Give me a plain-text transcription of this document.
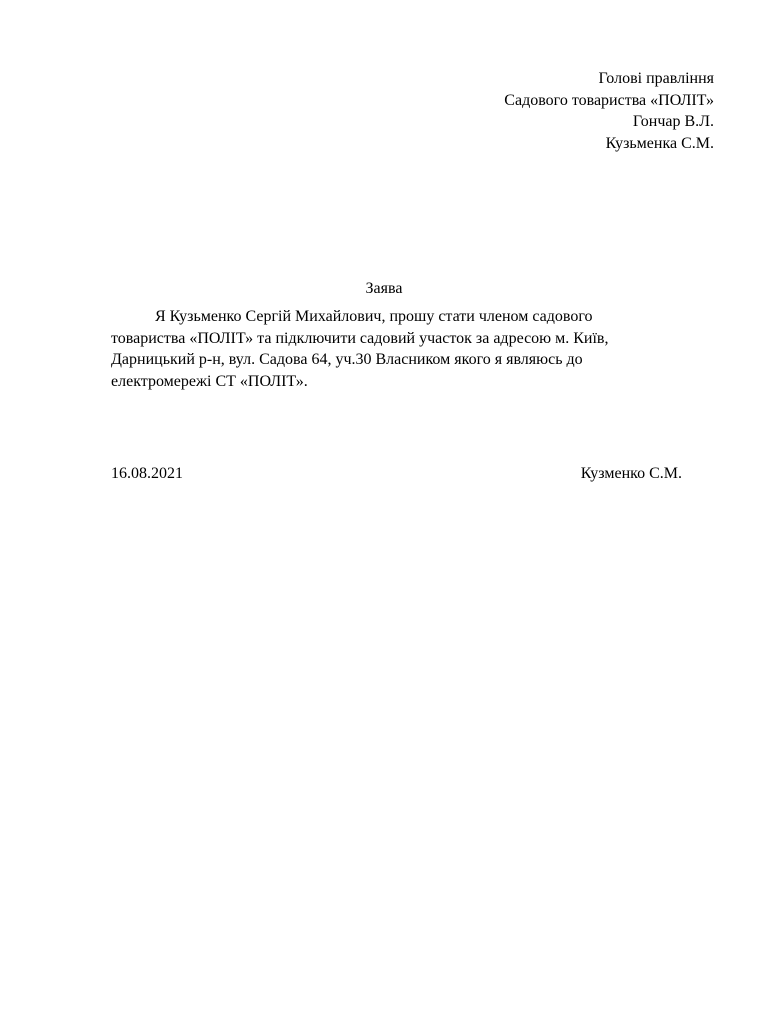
Голові правління
Садового товариства «ПОЛІТ»
Гончар В.Л.
Кузьменка С.М.
Заява
Я Кузьменко Сергій Михайлович, прошу стати членом садового
товариства «ПОЛІТ» та підключити садовий участок за адресою м. Київ,
Дарницький р-н, вул. Садова 64, уч.30 Власником якого я являюсь до
електромережі СТ «ПОЛІТ».
16.08.2021	Кузменко С.М.
